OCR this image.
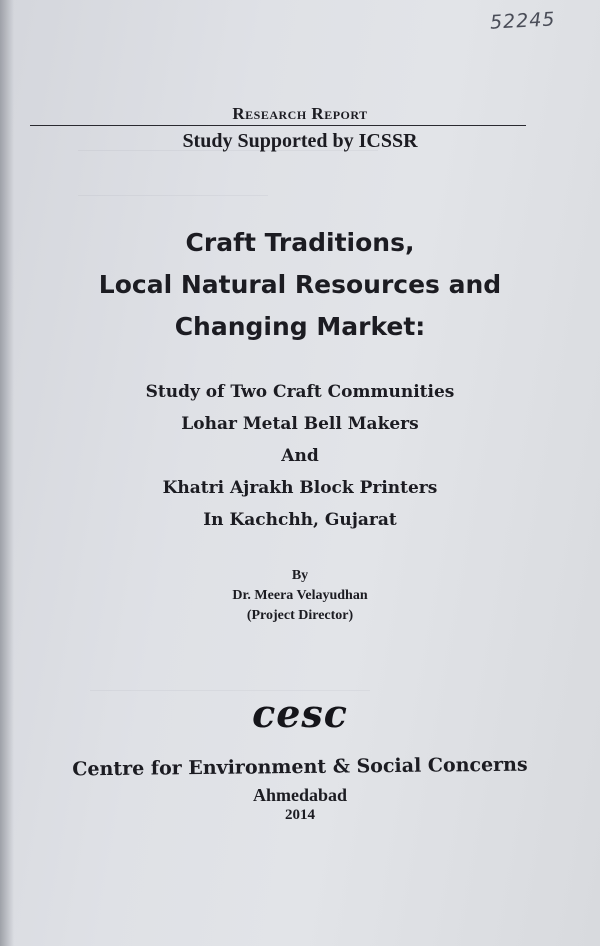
52245
Research Report
Study Supported by ICSSR
Craft Traditions,
Local Natural Resources and
Changing Market:
Study of Two Craft Communities
Lohar Metal Bell Makers
And
Khatri Ajrakh Block Printers
In Kachchh, Gujarat
By
Dr. Meera Velayudhan
(Project Director)
cesc
Centre for Environment & Social Concerns
Ahmedabad
2014
